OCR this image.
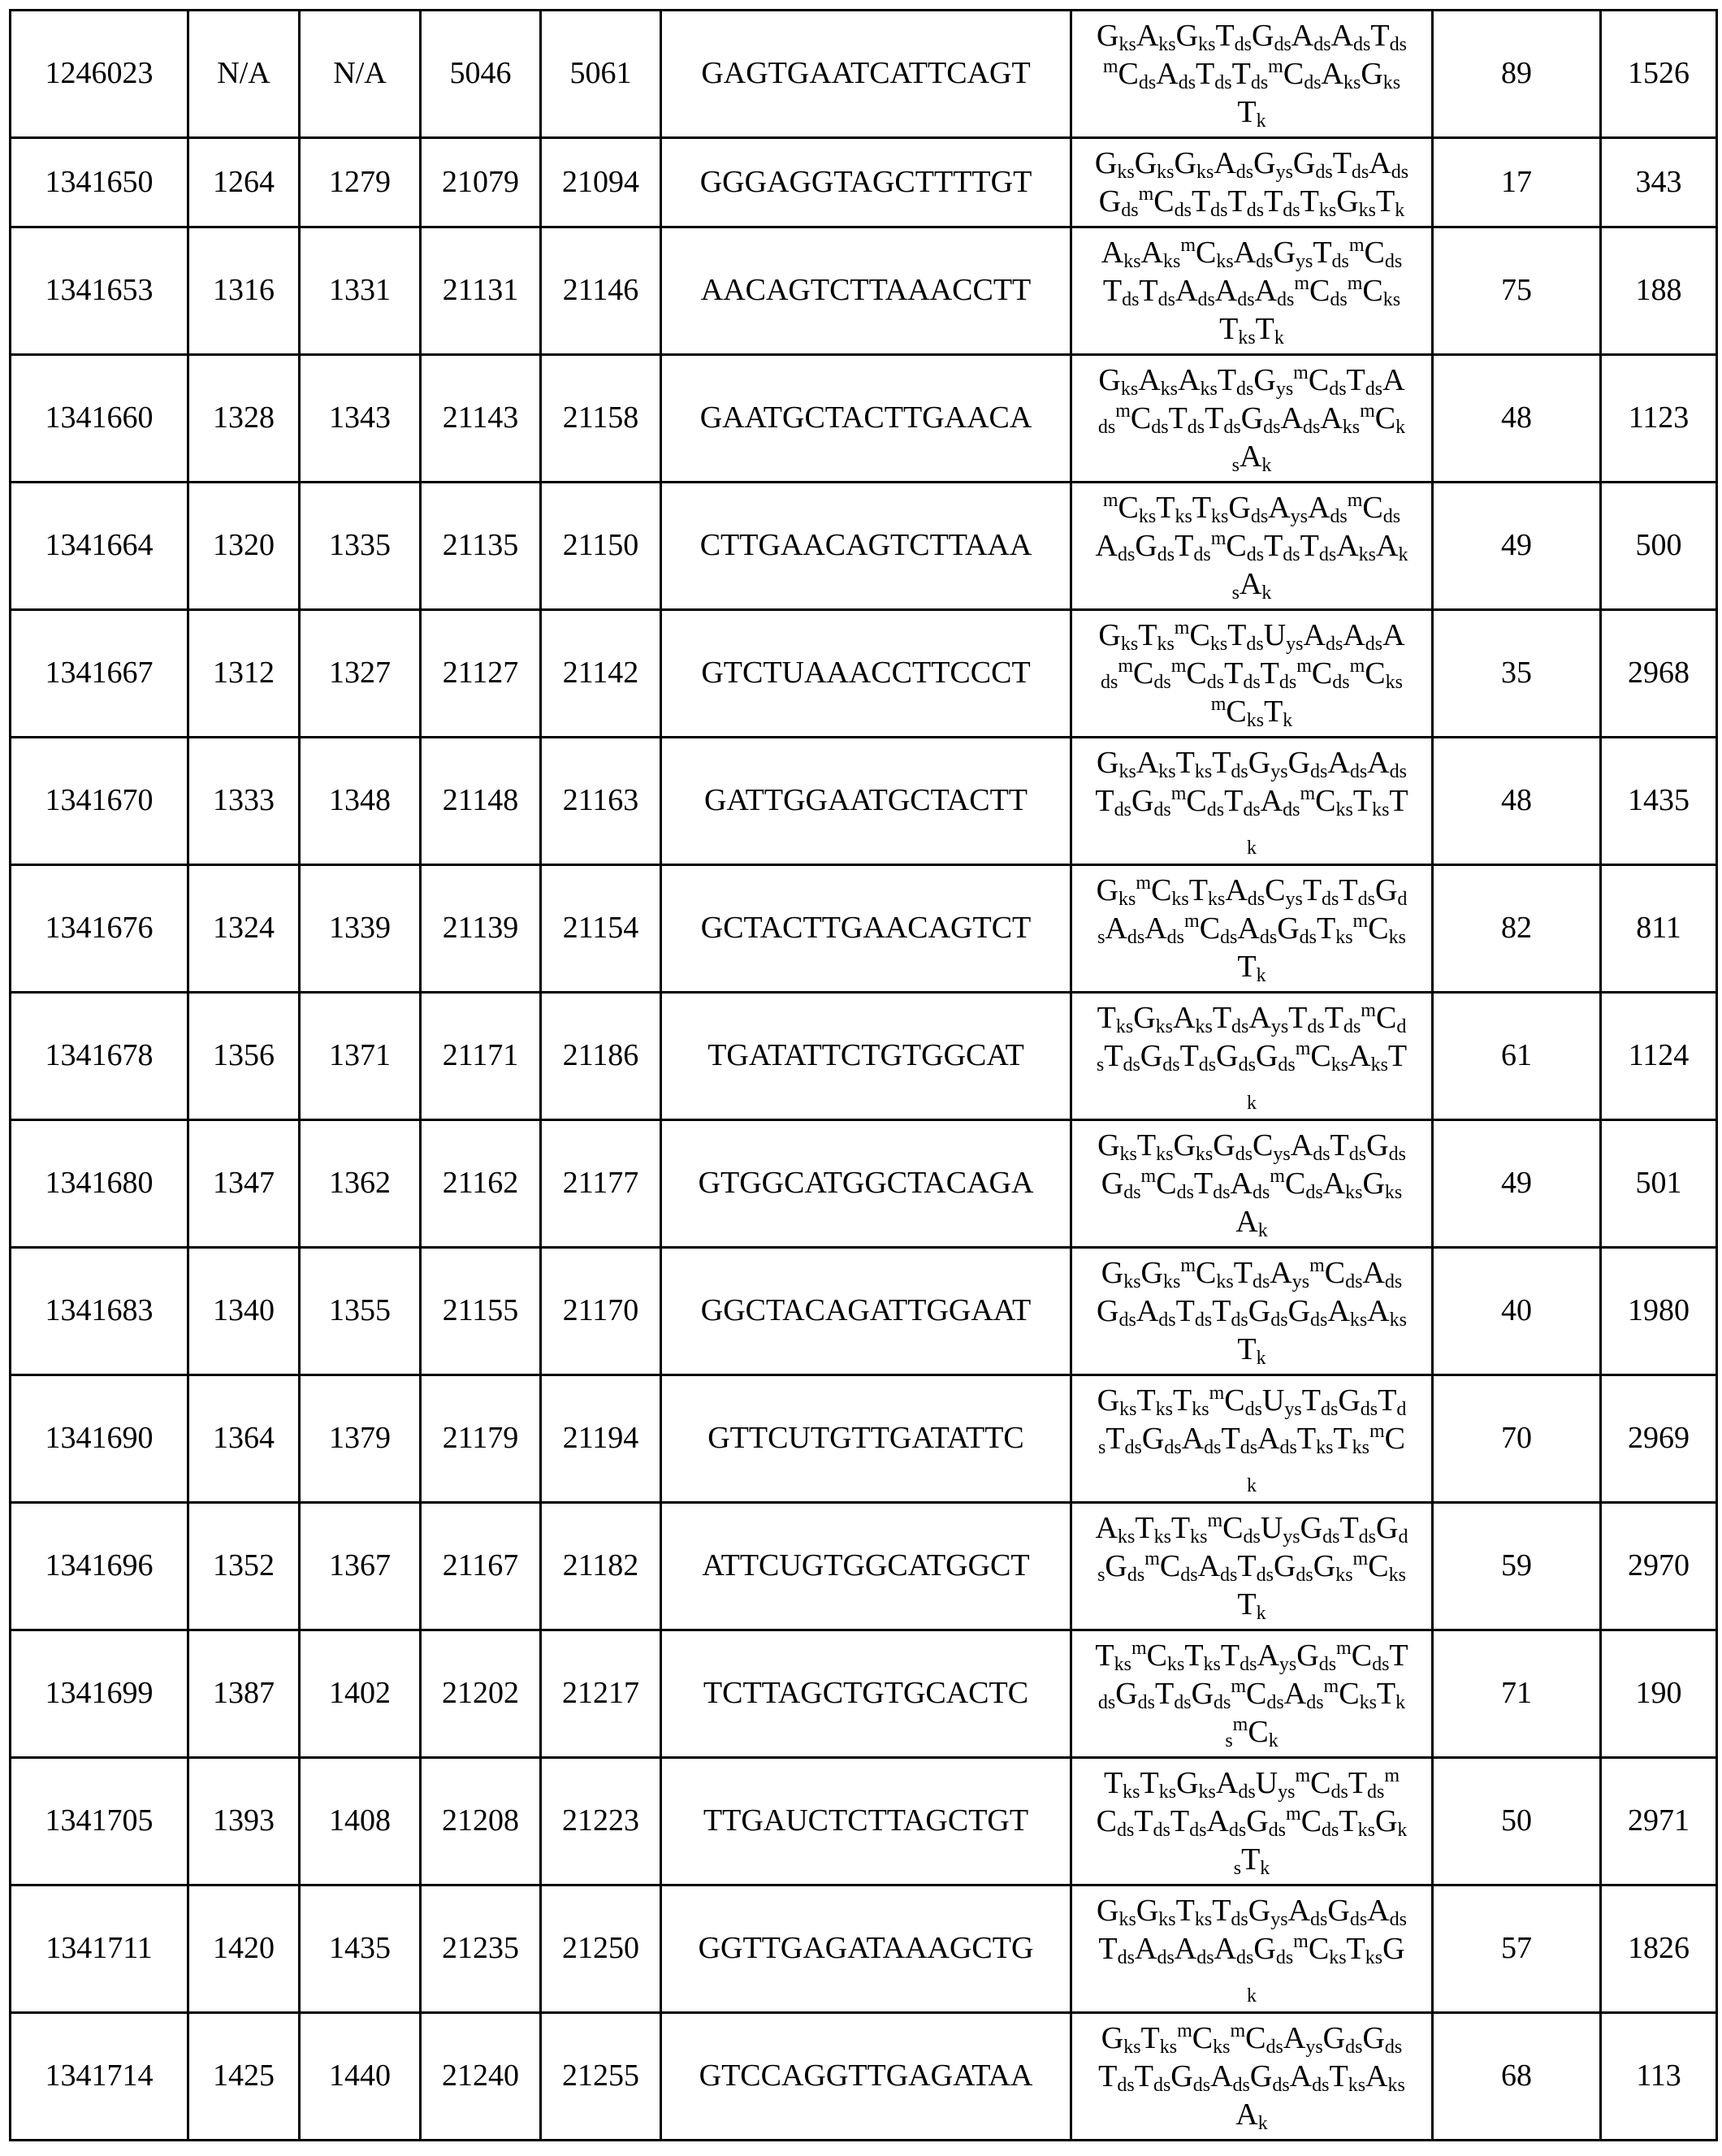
1246023	N/A	N/A	5046	5061	GAGTGAATCATTCAGT	$G_{ks}A_{ks}G_{ks}T_{ds}G_{ds}A_{ds}A_{ds}T_{ds}$
$^mC_{ds}A_{ds}T_{ds}T_{ds}^mC_{ds}A_{ks}G_{ks}$
$T_k$	89	1526
1341650	1264	1279	21079	21094	GGGAGGTAGCTTTTGT	$G_{ks}G_{ks}G_{ks}A_{ds}G_{ys}G_{ds}T_{ds}A_{ds}$
$G_{ds}^mC_{ds}T_{ds}T_{ds}T_{ds}T_{ks}G_{ks}T_k$	17	343
1341653	1316	1331	21131	21146	AACAGTCTTAAACCTT	$A_{ks}A_{ks}^mC_{ks}A_{ds}G_{ys}T_{ds}^mC_{ds}$
$T_{ds}T_{ds}A_{ds}A_{ds}A_{ds}^mC_{ds}^mC_{ks}$
$T_{ks}T_k$	75	188
1341660	1328	1343	21143	21158	GAATGCTACTTGAACA	$G_{ks}A_{ks}A_{ks}T_{ds}G_{ys}^mC_{ds}T_{ds}A$
$_{ds}^mC_{ds}T_{ds}T_{ds}G_{ds}A_{ds}A_{ks}^mC_k$
$_sA_k$	48	1123
1341664	1320	1335	21135	21150	CTTGAACAGTCTTAAA	$^mC_{ks}T_{ks}T_{ks}G_{ds}A_{ys}A_{ds}^mC_{ds}$
$A_{ds}G_{ds}T_{ds}^mC_{ds}T_{ds}T_{ds}A_{ks}A_k$
$_sA_k$	49	500
1341667	1312	1327	21127	21142	GTCTUAAACCTTCCCT	$G_{ks}T_{ks}^mC_{ks}T_{ds}U_{ys}A_{ds}A_{ds}A$
$_{ds}^mC_{ds}^mC_{ds}T_{ds}T_{ds}^mC_{ds}^mC_{ks}$
$^mC_{ks}T_k$	35	2968
1341670	1333	1348	21148	21163	GATTGGAATGCTACTT	$G_{ks}A_{ks}T_{ks}T_{ds}G_{ys}G_{ds}A_{ds}A_{ds}$
$T_{ds}G_{ds}^mC_{ds}T_{ds}A_{ds}^mC_{ks}T_{ks}T$
$_k$	48	1435
1341676	1324	1339	21139	21154	GCTACTTGAACAGTCT	$G_{ks}^mC_{ks}T_{ks}A_{ds}C_{ys}T_{ds}T_{ds}G_d$
$_sA_{ds}A_{ds}^mC_{ds}A_{ds}G_{ds}T_{ks}^mC_{ks}$
$T_k$	82	811
1341678	1356	1371	21171	21186	TGATATTCTGTGGCAT	$T_{ks}G_{ks}A_{ks}T_{ds}A_{ys}T_{ds}T_{ds}^mC_d$
$_sT_{ds}G_{ds}T_{ds}G_{ds}G_{ds}^mC_{ks}A_{ks}T$
$_k$	61	1124
1341680	1347	1362	21162	21177	GTGGCATGGCTACAGA	$G_{ks}T_{ks}G_{ks}G_{ds}C_{ys}A_{ds}T_{ds}G_{ds}$
$G_{ds}^mC_{ds}T_{ds}A_{ds}^mC_{ds}A_{ks}G_{ks}$
$A_k$	49	501
1341683	1340	1355	21155	21170	GGCTACAGATTGGAAT	$G_{ks}G_{ks}^mC_{ks}T_{ds}A_{ys}^mC_{ds}A_{ds}$
$G_{ds}A_{ds}T_{ds}T_{ds}G_{ds}G_{ds}A_{ks}A_{ks}$
$T_k$	40	1980
1341690	1364	1379	21179	21194	GTTCUTGTTGATATTC	$G_{ks}T_{ks}T_{ks}^mC_{ds}U_{ys}T_{ds}G_{ds}T_d$
$_sT_{ds}G_{ds}A_{ds}T_{ds}A_{ds}T_{ks}T_{ks}^mC$
$_k$	70	2969
1341696	1352	1367	21167	21182	ATTCUGTGGCATGGCT	$A_{ks}T_{ks}T_{ks}^mC_{ds}U_{ys}G_{ds}T_{ds}G_d$
$_sG_{ds}^mC_{ds}A_{ds}T_{ds}G_{ds}G_{ks}^mC_{ks}$
$T_k$	59	2970
1341699	1387	1402	21202	21217	TCTTAGCTGTGCACTC	$T_{ks}^mC_{ks}T_{ks}T_{ds}A_{ys}G_{ds}^mC_{ds}T$
$_{ds}G_{ds}T_{ds}G_{ds}^mC_{ds}A_{ds}^mC_{ks}T_k$
$_s^mC_k$	71	190
1341705	1393	1408	21208	21223	TTGAUCTCTTAGCTGT	$T_{ks}T_{ks}G_{ks}A_{ds}U_{ys}^mC_{ds}T_{ds}^m$
$C_{ds}T_{ds}T_{ds}A_{ds}G_{ds}^mC_{ds}T_{ks}G_k$
$_sT_k$	50	2971
1341711	1420	1435	21235	21250	GGTTGAGATAAAGCTG	$G_{ks}G_{ks}T_{ks}T_{ds}G_{ys}A_{ds}G_{ds}A_{ds}$
$T_{ds}A_{ds}A_{ds}A_{ds}G_{ds}^mC_{ks}T_{ks}G$
$_k$	57	1826
1341714	1425	1440	21240	21255	GTCCAGGTTGAGATAA	$G_{ks}T_{ks}^mC_{ks}^mC_{ds}A_{ys}G_{ds}G_{ds}$
$T_{ds}T_{ds}G_{ds}A_{ds}G_{ds}A_{ds}T_{ks}A_{ks}$
$A_k$	68	113
